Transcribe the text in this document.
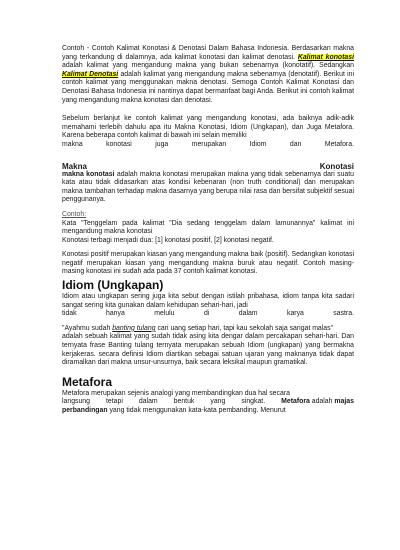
Contoh - Contoh Kalimat Konotasi & Denotasi Dalam Bahasa Indonesia. Berdasarkan makna yang terkandung di dalamnya, ada kalimat konotasi dan kalimat denotasi. Kalimat konotasi adalah kalimat yang mengandung makna yang bukan sebenarnya (konotatif). Sedangkan Kalimat Denotasi adalah kalimat yang mengandung makna sebenarnya (denotatif). Berikut ini contoh kalimat yang menggunakan makna denotasi. Semoga Contoh Kalimat Konotasi dan Denotasi Bahasa Indonesia ini nantinya dapat bermanfaat bagi Anda. Berikut ini contoh kalimat yang mengandung makna konotasi dan denotasi.

Sebelum berlanjut ke contoh kalimat yang mengandung konotasi, ada baiknya adik-adik memahami terlebih dahulu apa itu Makna Konotasi, Idiom (Ungkapan), dan Juga Metafora. Karena beberapa contoh kalimat di bawah ini selain memiliki

makna	konotasi	juga	merupakan	Idiom	dan	Metafora.
Makna	Konotasi

makna konotasi adalah makna konotasi merupakan makna yang tidak sebenarnya dari suatu kata atau tidak didasarkan atas kondisi kebenaran (non truth conditional) dan merupakan makna tambahan terhadap makna dasarnya yang berupa nilai rasa dan bersifat subjektif sesuai penggunanya.

Contoh:

Kata "Tenggelam pada kalimat "Dia sedang tenggelam dalam lamunannya" kalimat ini mengandung makna konotasi

Konotasi terbagi menjadi dua: [1] konotasi positif, [2] konotasi negatif.

Konotasi positif merupakan kiasan yang mengandung makna baik (positif). Sedangkan konotasi negatif merupakan kiasan yang mengandung makna buruk atau negatif. Contoh masing-masing konotasi ini sudah ada pada 37 contoh kalimat konotasi.

Idiom (Ungkapan)

Idiom atau ungkapan sering juga kita sebut dengan istilah pribahasa, idiom tanpa kita sadari sangat sering kita gunakan dalam kehidupan sehari-hari, jadi

tidak	hanya	melulu	di	dalam	karya	sastra.

"Ayahmu sudah banting tulang cari uang setiap hari, tapi kau sekolah saja sangat malas"

adalah sebuah kalimat yang sudah tidak asing kita dengar dalam percakapan sehari-hari. Dan ternyata frase Banting tulang ternyata merupakan sebuah Idiom (ungkapan) yang bermakna kerjakeras. secara definisi Idiom diartikan sebagai satuan ujaran yang maknanya tidak dapat diramalkan dari makna unsur-unsurnya, baik secara leksikal maupun gramatikal.

Metafora

Metafora merupakan sejenis analogi yang membandingkan dua hal secara

langsung tetapi dalam bentuk yang singkat. Metafora adalah majas

perbandingan yang tidak menggunakan kata-kata pembanding. Menurut
